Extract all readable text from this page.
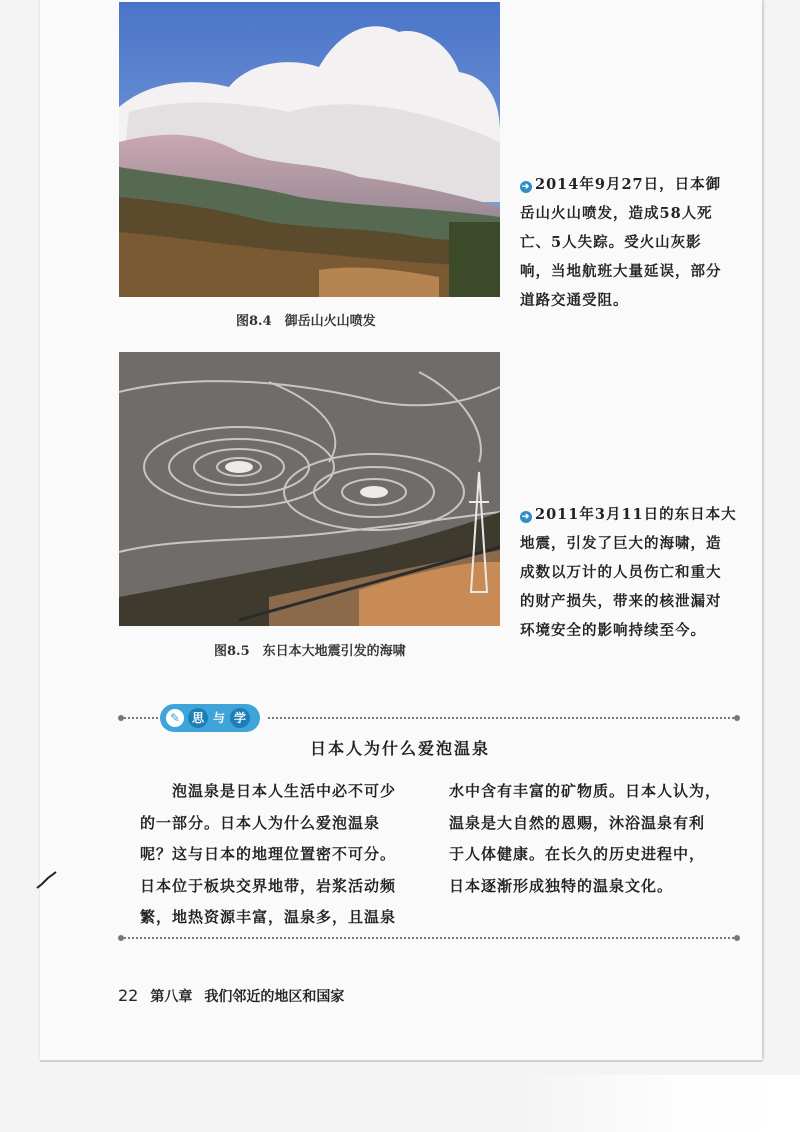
图8.4　御岳山火山喷发
➜ 2014年9月27日，日本御
岳山火山喷发，造成58人死
亡、5人失踪。受火山灰影
响，当地航班大量延误，部分
道路交通受阻。
图8.5　东日本大地震引发的海啸
➜ 2011年3月11日的东日本大
地震，引发了巨大的海啸，造
成数以万计的人员伤亡和重大
的财产损失，带来的核泄漏对
环境安全的影响持续至今。
✎ 思 与 学
日本人为什么爱泡温泉
　　泡温泉是日本人生活中必不可少
的一部分。日本人为什么爱泡温泉
呢？这与日本的地理位置密不可分。
日本位于板块交界地带，岩浆活动频
繁，地热资源丰富，温泉多，且温泉
水中含有丰富的矿物质。日本人认为，
温泉是大自然的恩赐，沐浴温泉有利
于人体健康。在长久的历史进程中，
日本逐渐形成独特的温泉文化。
22 第八章 我们邻近的地区和国家
